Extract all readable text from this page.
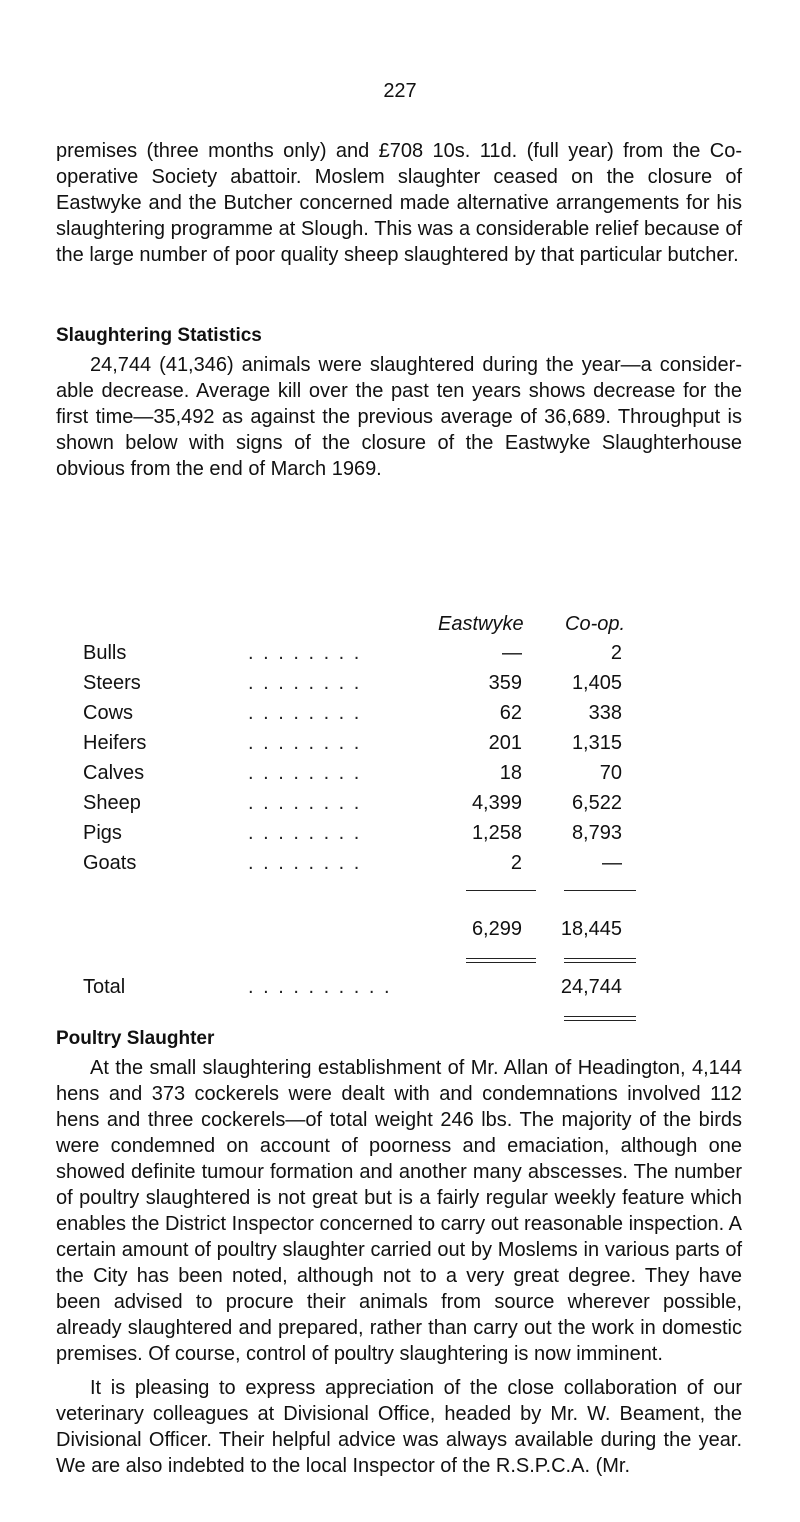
227

premises (three months only) and £708 10s. 11d. (full year) from the Co-operative Society abattoir. Moslem slaughter ceased on the closure of Eastwyke and the Butcher concerned made alternative arrangements for his slaughtering programme at Slough. This was a considerable relief because of the large number of poor quality sheep slaughtered by that particular butcher.

Slaughtering Statistics

24,744 (41,346) animals were slaughtered during the year—a consider-able decrease. Average kill over the past ten years shows decrease for the first time—35,492 as against the previous average of 36,689. Throughput is shown below with signs of the closure of the Eastwyke Slaughterhouse obvious from the end of March 1969.

Eastwyke Co-op.
Bulls	. . . . . . . .	—	2
Steers	. . . . . . . .	359 1,405
Cows	. . . . . . . .	62	338
Heifers	. . . . . . . .	201 1,315
Calves	. . . . . . . .	18	70
Sheep	. . . . . . . .	4,399 6,522
Pigs	. . . . . . . .	1,258 8,793
Goats	. . . . . . . .	2	—
6,299 18,445
Total	. . . . . . . . . .	24,744
Poultry Slaughter

At the small slaughtering establishment of Mr. Allan of Headington, 4,144 hens and 373 cockerels were dealt with and condemnations involved 112 hens and three cockerels—of total weight 246 lbs. The majority of the birds were condemned on account of poorness and emaciation, although one showed definite tumour formation and another many abscesses. The number of poultry slaughtered is not great but is a fairly regular weekly feature which enables the District Inspector concerned to carry out reasonable inspection. A certain amount of poultry slaughter carried out by Moslems in various parts of the City has been noted, although not to a very great degree. They have been advised to procure their animals from source wherever possible, already slaughtered and prepared, rather than carry out the work in domestic premises. Of course, control of poultry slaughtering is now imminent.

It is pleasing to express appreciation of the close collaboration of our veterinary colleagues at Divisional Office, headed by Mr. W. Beament, the Divisional Officer. Their helpful advice was always available during the year. We are also indebted to the local Inspector of the R.S.P.C.A. (Mr.
